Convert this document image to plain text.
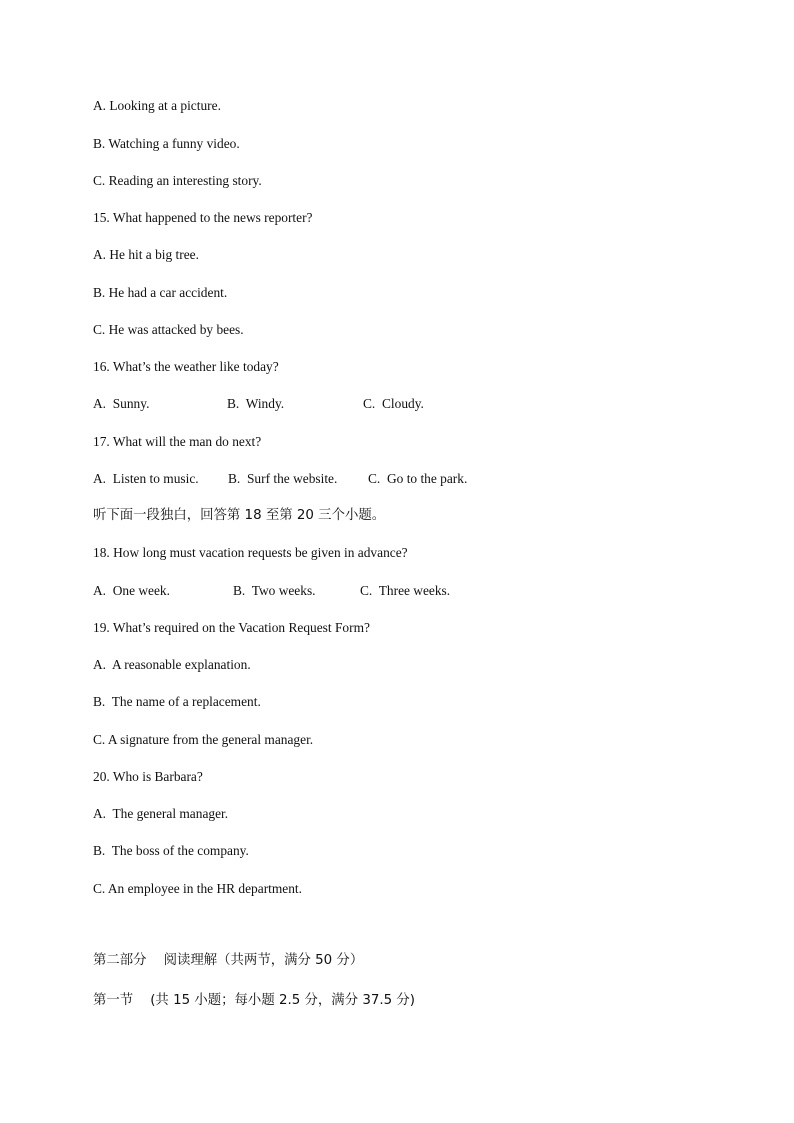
A. Looking at a picture.
B. Watching a funny video.
C. Reading an interesting story.
15. What happened to the news reporter?
A. He hit a big tree.
B. He had a car accident.
C. He was attacked by bees.
16. What’s the weather like today?
A.  Sunny.	B.  Windy.	C.  Cloudy.
17. What will the man do next?
A.  Listen to music. B.  Surf the website. C.  Go to the park.
听下面一段独白，回答第 18 至第 20 三个小题。
18. How long must vacation requests be given in advance?
A.  One week.	B.  Two weeks.	C.  Three weeks.
19. What’s required on the Vacation Request Form?
A.  A reasonable explanation.
B.  The name of a replacement.
C. A signature from the general manager.
20. Who is Barbara?
A.  The general manager.
B.  The boss of the company.
C. An employee in the HR department.
第二部分    阅读理解（共两节，满分 50 分）
第一节    (共 15 小题；每小题 2.5 分，满分 37.5 分)
